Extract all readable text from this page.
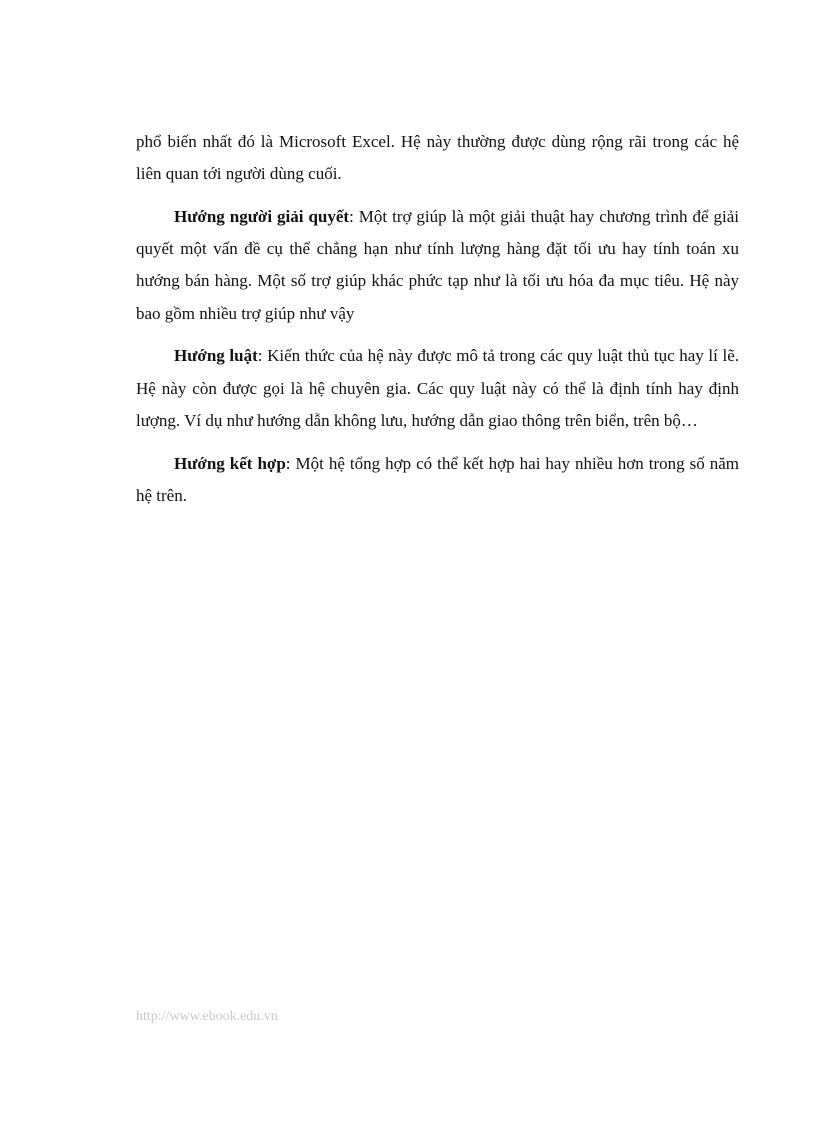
phổ biến nhất đó là Microsoft Excel. Hệ này thường được dùng rộng rãi trong các hệ liên quan tới người dùng cuối.

Hướng người giải quyết: Một trợ giúp là một giải thuật hay chương trình để giải quyết một vấn đề cụ thể chẳng hạn như tính lượng hàng đặt tối ưu hay tính toán xu hướng bán hàng. Một số trợ giúp khác phức tạp như là tối ưu hóa đa mục tiêu. Hệ này bao gồm nhiều trợ giúp như vậy

Hướng luật: Kiến thức của hệ này được mô tả trong các quy luật thủ tục hay lí lẽ. Hệ này còn được gọi là hệ chuyên gia. Các quy luật này có thể là định tính hay định lượng. Ví dụ như hướng dẫn không lưu, hướng dẫn giao thông trên biển, trên bộ…

Hướng kết hợp: Một hệ tổng hợp có thể kết hợp hai hay nhiều hơn trong số năm hệ trên.

http://www.ebook.edu.vn
